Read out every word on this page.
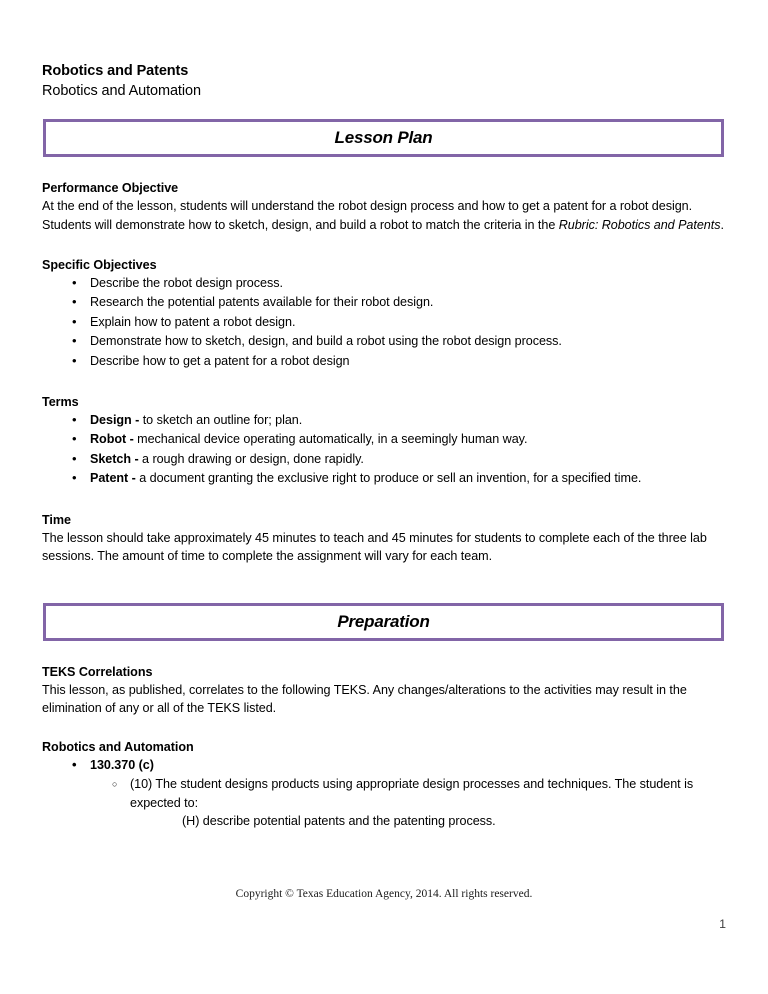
Robotics and Patents
Robotics and Automation
Lesson Plan
Performance Objective
At the end of the lesson, students will understand the robot design process and how to get a patent for a robot design. Students will demonstrate how to sketch, design, and build a robot to match the criteria in the Rubric: Robotics and Patents.
Specific Objectives
• Describe the robot design process.
• Research the potential patents available for their robot design.
• Explain how to patent a robot design.
• Demonstrate how to sketch, design, and build a robot using the robot design process.
• Describe how to get a patent for a robot design
Terms
• Design - to sketch an outline for; plan.
• Robot - mechanical device operating automatically, in a seemingly human way.
• Sketch - a rough drawing or design, done rapidly.
• Patent - a document granting the exclusive right to produce or sell an invention, for a specified time.
Time
The lesson should take approximately 45 minutes to teach and 45 minutes for students to complete each of the three lab sessions. The amount of time to complete the assignment will vary for each team.
Preparation
TEKS Correlations
This lesson, as published, correlates to the following TEKS. Any changes/alterations to the activities may result in the elimination of any or all of the TEKS listed.
Robotics and Automation
• 130.370 (c)
○ (10) The student designs products using appropriate design processes and techniques. The student is expected to:
(H) describe potential patents and the patenting process.
Copyright © Texas Education Agency, 2014. All rights reserved.
1
